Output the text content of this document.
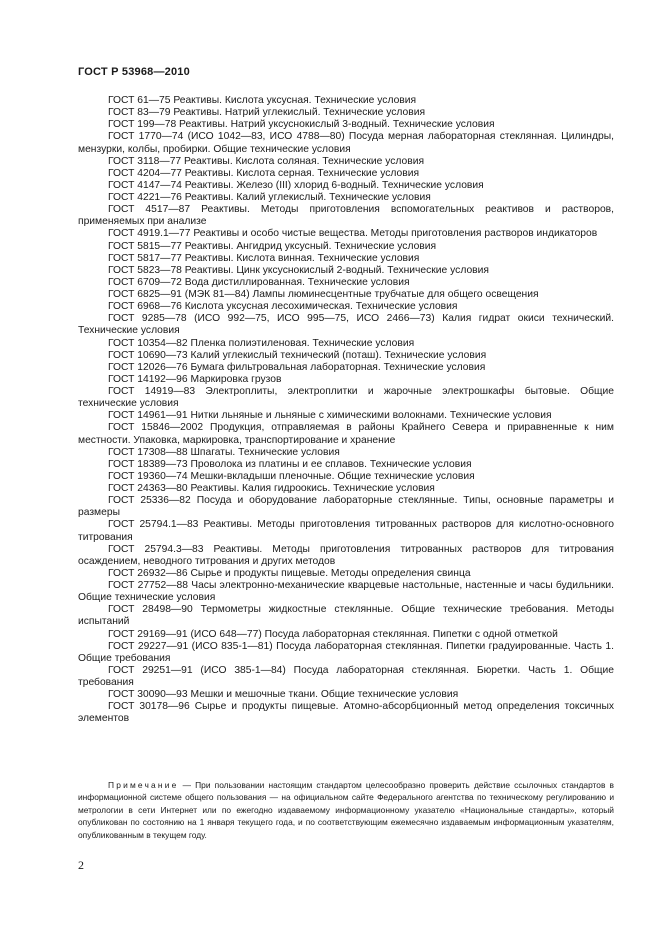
ГОСТ Р 53968—2010

ГОСТ 61—75 Реактивы. Кислота уксусная. Технические условия

ГОСТ 83—79 Реактивы. Натрий углекислый. Технические условия

ГОСТ 199—78 Реактивы. Натрий уксуснокислый 3-водный. Технические условия

ГОСТ 1770—74 (ИСО 1042—83, ИСО 4788—80) Посуда мерная лабораторная стеклянная. Цилиндры, мензурки, колбы, пробирки. Общие технические условия

ГОСТ 3118—77 Реактивы. Кислота соляная. Технические условия

ГОСТ 4204—77 Реактивы. Кислота серная. Технические условия

ГОСТ 4147—74 Реактивы. Железо (III) хлорид 6-водный. Технические условия

ГОСТ 4221—76 Реактивы. Калий углекислый. Технические условия

ГОСТ 4517—87 Реактивы. Методы приготовления вспомогательных реактивов и растворов, применяемых при анализе

ГОСТ 4919.1—77 Реактивы и особо чистые вещества. Методы приготовления растворов индикаторов

ГОСТ 5815—77 Реактивы. Ангидрид уксусный. Технические условия

ГОСТ 5817—77 Реактивы. Кислота винная. Технические условия

ГОСТ 5823—78 Реактивы. Цинк уксуснокислый 2-водный. Технические условия

ГОСТ 6709—72 Вода дистиллированная. Технические условия

ГОСТ 6825—91 (МЭК 81—84) Лампы люминесцентные трубчатые для общего освещения

ГОСТ 6968—76 Кислота уксусная лесохимическая. Технические условия

ГОСТ 9285—78 (ИСО 992—75, ИСО 995—75, ИСО 2466—73) Калия гидрат окиси технический. Технические условия

ГОСТ 10354—82 Пленка полиэтиленовая. Технические условия

ГОСТ 10690—73 Калий углекислый технический (поташ). Технические условия

ГОСТ 12026—76 Бумага фильтровальная лабораторная. Технические условия

ГОСТ 14192—96 Маркировка грузов

ГОСТ 14919—83 Электроплиты, электроплитки и жарочные электрошкафы бытовые. Общие технические условия

ГОСТ 14961—91 Нитки льняные и льняные с химическими волокнами. Технические условия

ГОСТ 15846—2002 Продукция, отправляемая в районы Крайнего Севера и приравненные к ним местности. Упаковка, маркировка, транспортирование и хранение

ГОСТ 17308—88 Шпагаты. Технические условия

ГОСТ 18389—73 Проволока из платины и ее сплавов. Технические условия

ГОСТ 19360—74 Мешки-вкладыши пленочные. Общие технические условия

ГОСТ 24363—80 Реактивы. Калия гидроокись. Технические условия

ГОСТ 25336—82 Посуда и оборудование лабораторные стеклянные. Типы, основные параметры и размеры

ГОСТ 25794.1—83 Реактивы. Методы приготовления титрованных растворов для кислотно-основного титрования

ГОСТ 25794.3—83 Реактивы. Методы приготовления титрованных растворов для титрования осаждением, неводного титрования и других методов

ГОСТ 26932—86 Сырье и продукты пищевые. Методы определения свинца

ГОСТ 27752—88 Часы электронно-механические кварцевые настольные, настенные и часы будильники. Общие технические условия

ГОСТ 28498—90 Термометры жидкостные стеклянные. Общие технические требования. Методы испытаний

ГОСТ 29169—91 (ИСО 648—77) Посуда лабораторная стеклянная. Пипетки с одной отметкой

ГОСТ 29227—91 (ИСО 835-1—81) Посуда лабораторная стеклянная. Пипетки градуированные. Часть 1. Общие требования

ГОСТ 29251—91 (ИСО 385-1—84) Посуда лабораторная стеклянная. Бюретки. Часть 1. Общие требования

ГОСТ 30090—93 Мешки и мешочные ткани. Общие технические условия

ГОСТ 30178—96 Сырье и продукты пищевые. Атомно-абсорбционный метод определения токсичных элементов

Примечание — При пользовании настоящим стандартом целесообразно проверить действие ссылочных стандартов в информационной системе общего пользования — на официальном сайте Федерального агентства по техническому регулированию и метрологии в сети Интернет или по ежегодно издаваемому информационному указателю «Национальные стандарты», который опубликован по состоянию на 1 января текущего года, и по соответствующим ежемесячно издаваемым информационным указателям, опубликованным в текущем году.
2
